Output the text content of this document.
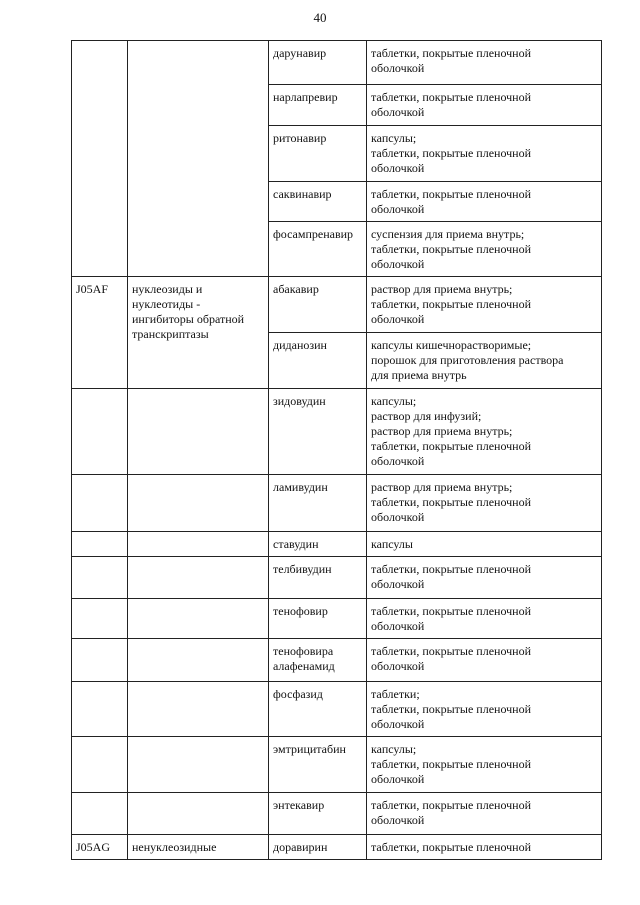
40
		дарунавир	таблетки, покрытые пленочной
оболочкой
		нарлапревир	таблетки, покрытые пленочной
оболочкой
		ритонавир	капсулы;
таблетки, покрытые пленочной
оболочкой
		саквинавир	таблетки, покрытые пленочной
оболочкой
		фосампренавир	суспензия для приема внутрь;
таблетки, покрытые пленочной
оболочкой
J05AF	нуклеозиды и
нуклеотиды -
ингибиторы обратной
транскриптазы	абакавир	раствор для приема внутрь;
таблетки, покрытые пленочной
оболочкой
		диданозин	капсулы кишечнорастворимые;
порошок для приготовления раствора
для приема внутрь
		зидовудин	капсулы;
раствор для инфузий;
раствор для приема внутрь;
таблетки, покрытые пленочной
оболочкой
		ламивудин	раствор для приема внутрь;
таблетки, покрытые пленочной
оболочкой
		ставудин	капсулы
		телбивудин	таблетки, покрытые пленочной
оболочкой
		тенофовир	таблетки, покрытые пленочной
оболочкой
		тенофовира
алафенамид	таблетки, покрытые пленочной
оболочкой
		фосфазид	таблетки;
таблетки, покрытые пленочной
оболочкой
		эмтрицитабин	капсулы;
таблетки, покрытые пленочной
оболочкой
		энтекавир	таблетки, покрытые пленочной
оболочкой
J05AG	ненуклеозидные	доравирин	таблетки, покрытые пленочной
